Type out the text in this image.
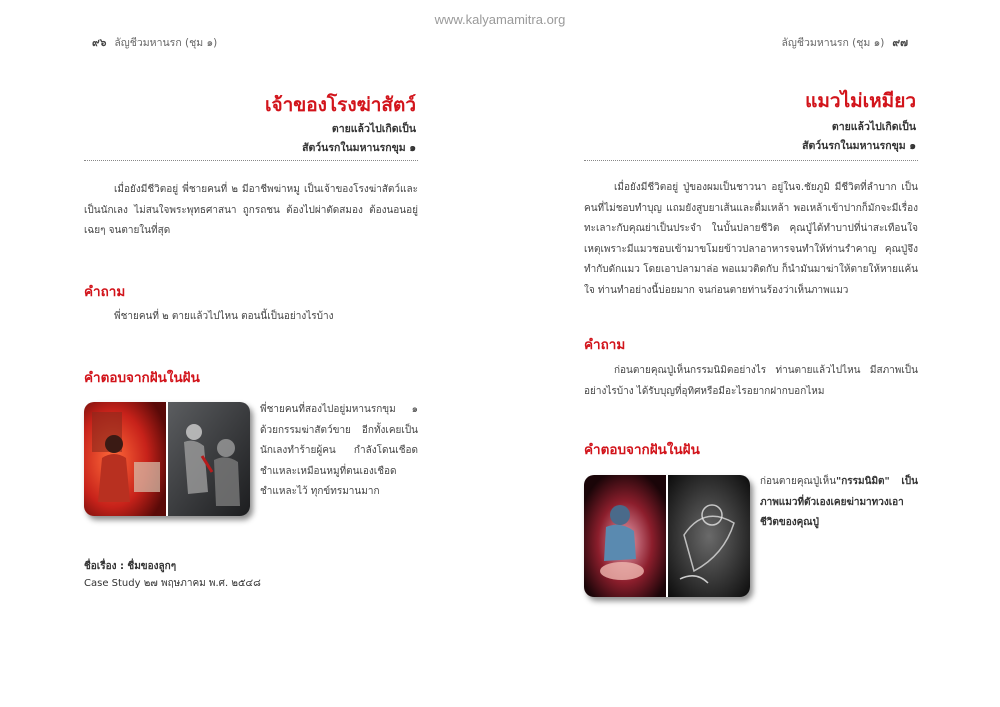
www.kalyamamitra.org
๙๖ ลัญชีวมหานรก (ชุม ๑)
เจ้าของโรงฆ่าสัตว์
ตายแล้วไปเกิดเป็น
สัตว์นรกในมหานรกขุม ๑
เมื่อยังมีชีวิตอยู่ พี่ชายคนที่ ๒ มีอาชีพฆ่าหมู เป็นเจ้าของโรงฆ่าสัตว์และเป็นนักเลง ไม่สนใจพระพุทธศาสนา ถูกรถชน ต้องไปผ่าตัดสมอง ต้องนอนอยู่เฉยๆ จนตายในที่สุด
คำถาม
พี่ชายคนที่ ๒ ตายแล้วไปไหน ตอนนี้เป็นอย่างไรบ้าง
คำตอบจากฝันในฝัน
พี่ชายคนที่สองไปอยู่มหานรกขุม ๑ ด้วยกรรมฆ่าสัตว์ขาย อีกทั้งเคยเป็นนักเลงทำร้ายผู้คน กำลังโดนเชือดชำแหละเหมือนหมูที่ตนเองเชือดชำแหละไว้ ทุกข์ทรมานมาก
ชื่อเรื่อง : ชื่มของลูกๆ
Case Study ๒๗ พฤษภาคม พ.ศ. ๒๕๔๘
ลัญชีวมหานรก (ชุม ๑) ๙๗
แมวไม่เหมียว
ตายแล้วไปเกิดเป็น
สัตว์นรกในมหานรกขุม ๑
เมื่อยังมีชีวิตอยู่ ปู่ของผมเป็นชาวนา อยู่ในจ.ชัยภูมิ มีชีวิตที่ลำบาก เป็นคนที่ไม่ชอบทำบุญ แถมยังสูบยาเส้นและดื่มเหล้า พอเหล้าเข้าปากก็มักจะมีเรื่องทะเลาะกับคุณย่าเป็นประจำ ในบั้นปลายชีวิต คุณปู่ได้ทำบาปที่น่าสะเทือนใจ เหตุเพราะมีแมวชอบเข้ามาขโมยข้าวปลาอาหารจนทำให้ท่านรำคาญ คุณปู่จึงทำกับดักแมว โดยเอาปลามาล่อ พอแมวติดกับ ก็นำมันมาฆ่าให้ตายให้หายแค้นใจ ท่านทำอย่างนี้บ่อยมาก จนก่อนตายท่านร้องว่าเห็นภาพแมว
คำถาม
ก่อนตายคุณปู่เห็นกรรมนิมิตอย่างไร ท่านตายแล้วไปไหน มีสภาพเป็นอย่างไรบ้าง ได้รับบุญที่อุทิศหรือมีอะไรอยากฝากบอกไหม
คำตอบจากฝันในฝัน
ก่อนตายคุณปู่เห็น"กรรมนิมิต" เป็นภาพแมวที่ตัวเองเคยฆ่ามาทวงเอาชีวิตของคุณปู่
